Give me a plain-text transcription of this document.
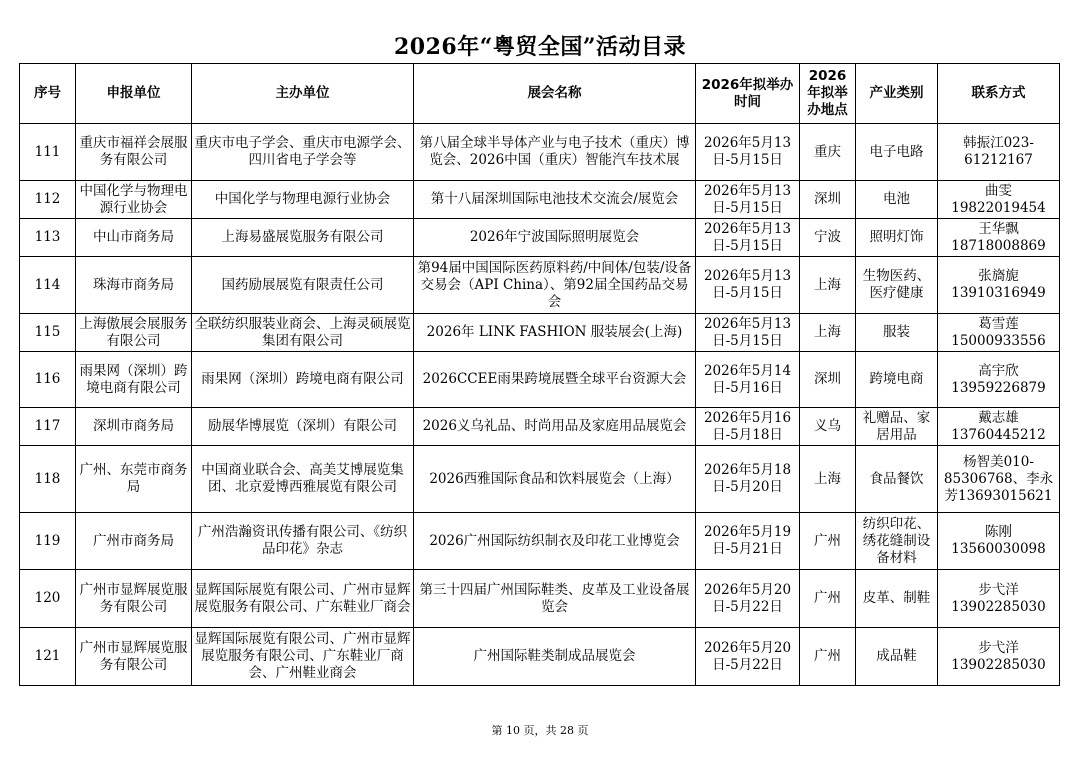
2026年“粤贸全国”活动目录
序号	申报单位	主办单位	展会名称	2026年拟举办时间	2026年拟举办地点	产业类别	联系方式
111	重庆市福祥会展服务有限公司	重庆市电子学会、重庆市电源学会、四川省电子学会等	第八届全球半导体产业与电子技术（重庆）博览会、2026中国（重庆）智能汽车技术展	2026年5月13日-5月15日	重庆	电子电路	韩振江023-61212167
112	中国化学与物理电源行业协会	中国化学与物理电源行业协会	第十八届深圳国际电池技术交流会/展览会	2026年5月13日-5月15日	深圳	电池	曲雯19822019454
113	中山市商务局	上海易盛展览服务有限公司	2026年宁波国际照明展览会	2026年5月13日-5月15日	宁波	照明灯饰	王华飘18718008869
114	珠海市商务局	国药励展展览有限责任公司	第94届中国国际医药原料药/中间体/包装/设备交易会（API China）、第92届全国药品交易会	2026年5月13日-5月15日	上海	生物医药、医疗健康	张旖旎13910316949
115	上海傲展会展服务有限公司	全联纺织服装业商会、上海灵硕展览集团有限公司	2026年 LINK FASHION 服装展会(上海)	2026年5月13日-5月15日	上海	服装	葛雪莲15000933556
116	雨果网（深圳）跨境电商有限公司	雨果网（深圳）跨境电商有限公司	2026CCEE雨果跨境展暨全球平台资源大会	2026年5月14日-5月16日	深圳	跨境电商	高宇欣13959226879
117	深圳市商务局	励展华博展览（深圳）有限公司	2026义乌礼品、时尚用品及家庭用品展览会	2026年5月16日-5月18日	义乌	礼赠品、家居用品	戴志雄13760445212
118	广州、东莞市商务局	中国商业联合会、高美艾博展览集团、北京爱博西雅展览有限公司	2026西雅国际食品和饮料展览会（上海）	2026年5月18日-5月20日	上海	食品餐饮	杨智美010-85306768、李永芳13693015621
119	广州市商务局	广州浩瀚资讯传播有限公司、《纺织品印花》杂志	2026广州国际纺织制衣及印花工业博览会	2026年5月19日-5月21日	广州	纺织印花、绣花缝制设备材料	陈刚13560030098
120	广州市显辉展览服务有限公司	显辉国际展览有限公司、广州市显辉展览服务有限公司、广东鞋业厂商会	第三十四届广州国际鞋类、皮革及工业设备展览会	2026年5月20日-5月22日	广州	皮革、制鞋	步弋洋13902285030
121	广州市显辉展览服务有限公司	显辉国际展览有限公司、广州市显辉展览服务有限公司、广东鞋业厂商会、广州鞋业商会	广州国际鞋类制成品展览会	2026年5月20日-5月22日	广州	成品鞋	步弋洋13902285030
第 10 页，共 28 页
